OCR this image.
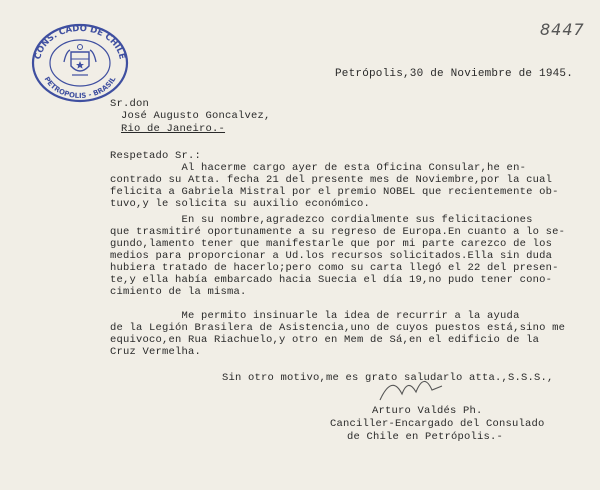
CONS. CADO DE CHILE
PETROPOLIS - BRASIL
8447
Petrópolis,30 de Noviembre de 1945.
Sr.don
José Augusto Goncalvez,
Rio de Janeiro.-
Respetado Sr.:
Al hacerme cargo ayer de esta Oficina Consular,he en-
contrado su Atta. fecha 21 del presente mes de Noviembre,por la cual
felicita a Gabriela Mistral por el premio NOBEL que recientemente ob-
tuvo,y le solicita su auxilio económico.
En su nombre,agradezco cordialmente sus felicitaciones
que trasmitiré oportunamente a su regreso de Europa.En cuanto a lo se-
gundo,lamento tener que manifestarle que por mi parte carezco de los
medios para proporcionar a Ud.los recursos solicitados.Ella sin duda
hubiera tratado de hacerlo;pero como su carta llegó el 22 del presen-
te,y ella había embarcado hacia Suecia el día 19,no pudo tener cono-
cimiento de la misma.
Me permito insinuarle la idea de recurrir a la ayuda
de la Legión Brasilera de Asistencia,uno de cuyos puestos está,sino me
equivoco,en Rua Riachuelo,y otro en Mem de Sá,en el edificio de la
Cruz Vermelha.
Sin otro motivo,me es grato saludarlo atta.,S.S.S.,
Arturo Valdés Ph.
Canciller-Encargado del Consulado
de Chile en Petrópolis.-
